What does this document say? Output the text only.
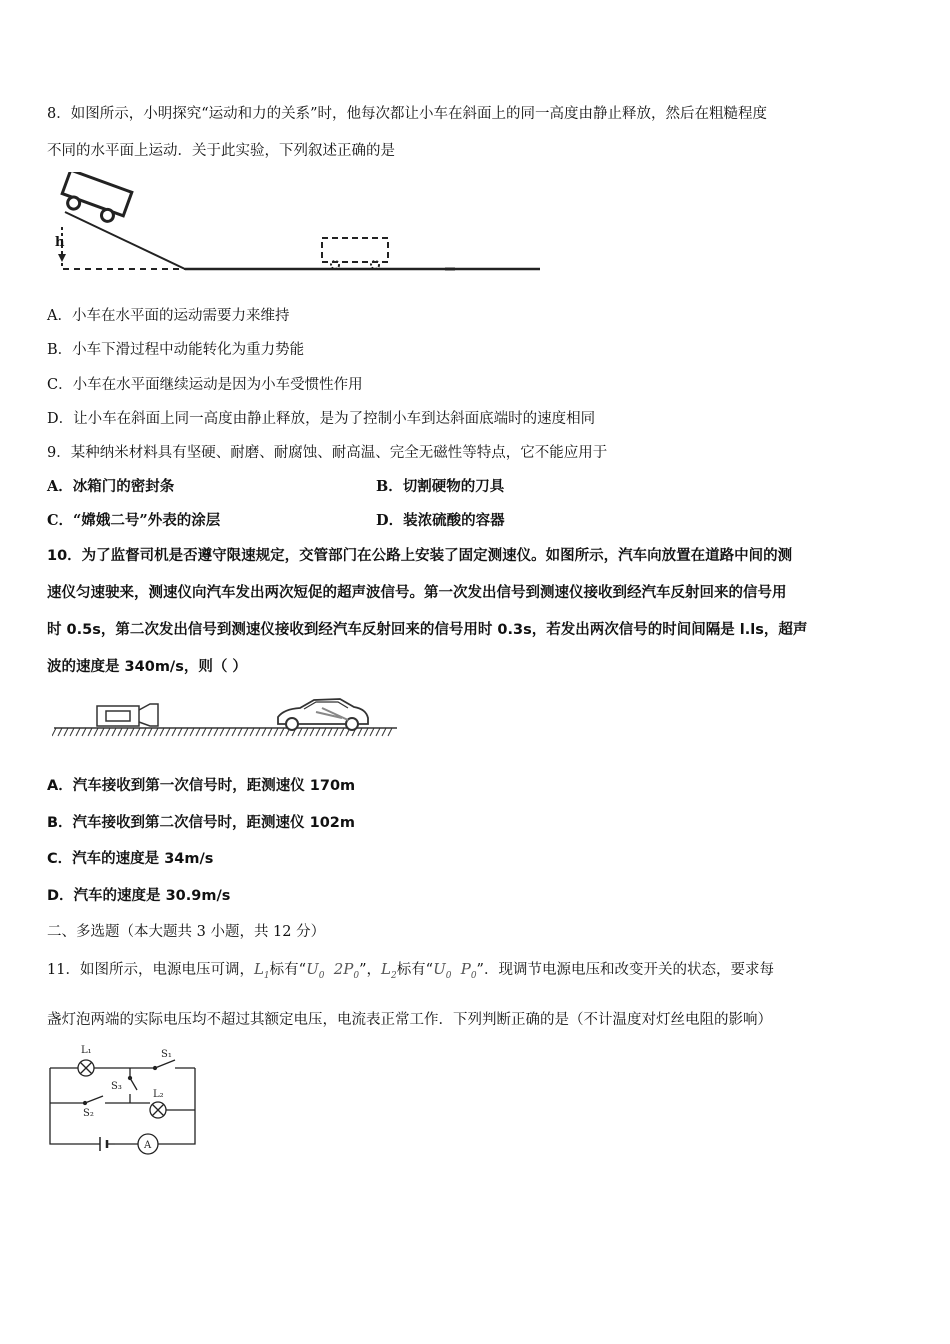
8．如图所示，小明探究“运动和力的关系”时，他每次都让小车在斜面上的同一高度由静止释放，然后在粗糙程度
不同的水平面上运动．关于此实验，下列叙述正确的是
h
A．小车在水平面的运动需要力来维持
B．小车下滑过程中动能转化为重力势能
C．小车在水平面继续运动是因为小车受惯性作用
D．让小车在斜面上同一高度由静止释放，是为了控制小车到达斜面底端时的速度相同
9．某种纳米材料具有坚硬、耐磨、耐腐蚀、耐高温、完全无磁性等特点，它不能应用于
A．冰箱门的密封条	B．切割硬物的刀具
C．“嫦娥二号”外表的涂层	D．装浓硫酸的容器
10．为了监督司机是否遵守限速规定，交管部门在公路上安装了固定测速仪。如图所示，汽车向放置在道路中间的测
速仪匀速驶来，测速仪向汽车发出两次短促的超声波信号。第一次发出信号到测速仪接收到经汽车反射回来的信号用
时 0.5s，第二次发出信号到测速仪接收到经汽车反射回来的信号用时 0.3s，若发出两次信号的时间间隔是 l.ls，超声
波的速度是 340m/s，则（ ）
A．汽车接收到第一次信号时，距测速仪 170m
B．汽车接收到第二次信号时，距测速仪 102m
C．汽车的速度是 34m/s
D．汽车的速度是 30.9m/s
二、多选题（本大题共 3 小题，共 12 分）
11．如图所示，电源电压可调，$L_1$标有“$U_0$ $2P_0$”，$L_2$标有“$U_0$ $P_0$”．现调节电源电压和改变开关的状态，要求每
盏灯泡两端的实际电压均不超过其额定电压，电流表正常工作．下列判断正确的是（不计温度对灯丝电阻的影响）
L₁	S₁
S₃
L₂
S₂
A
